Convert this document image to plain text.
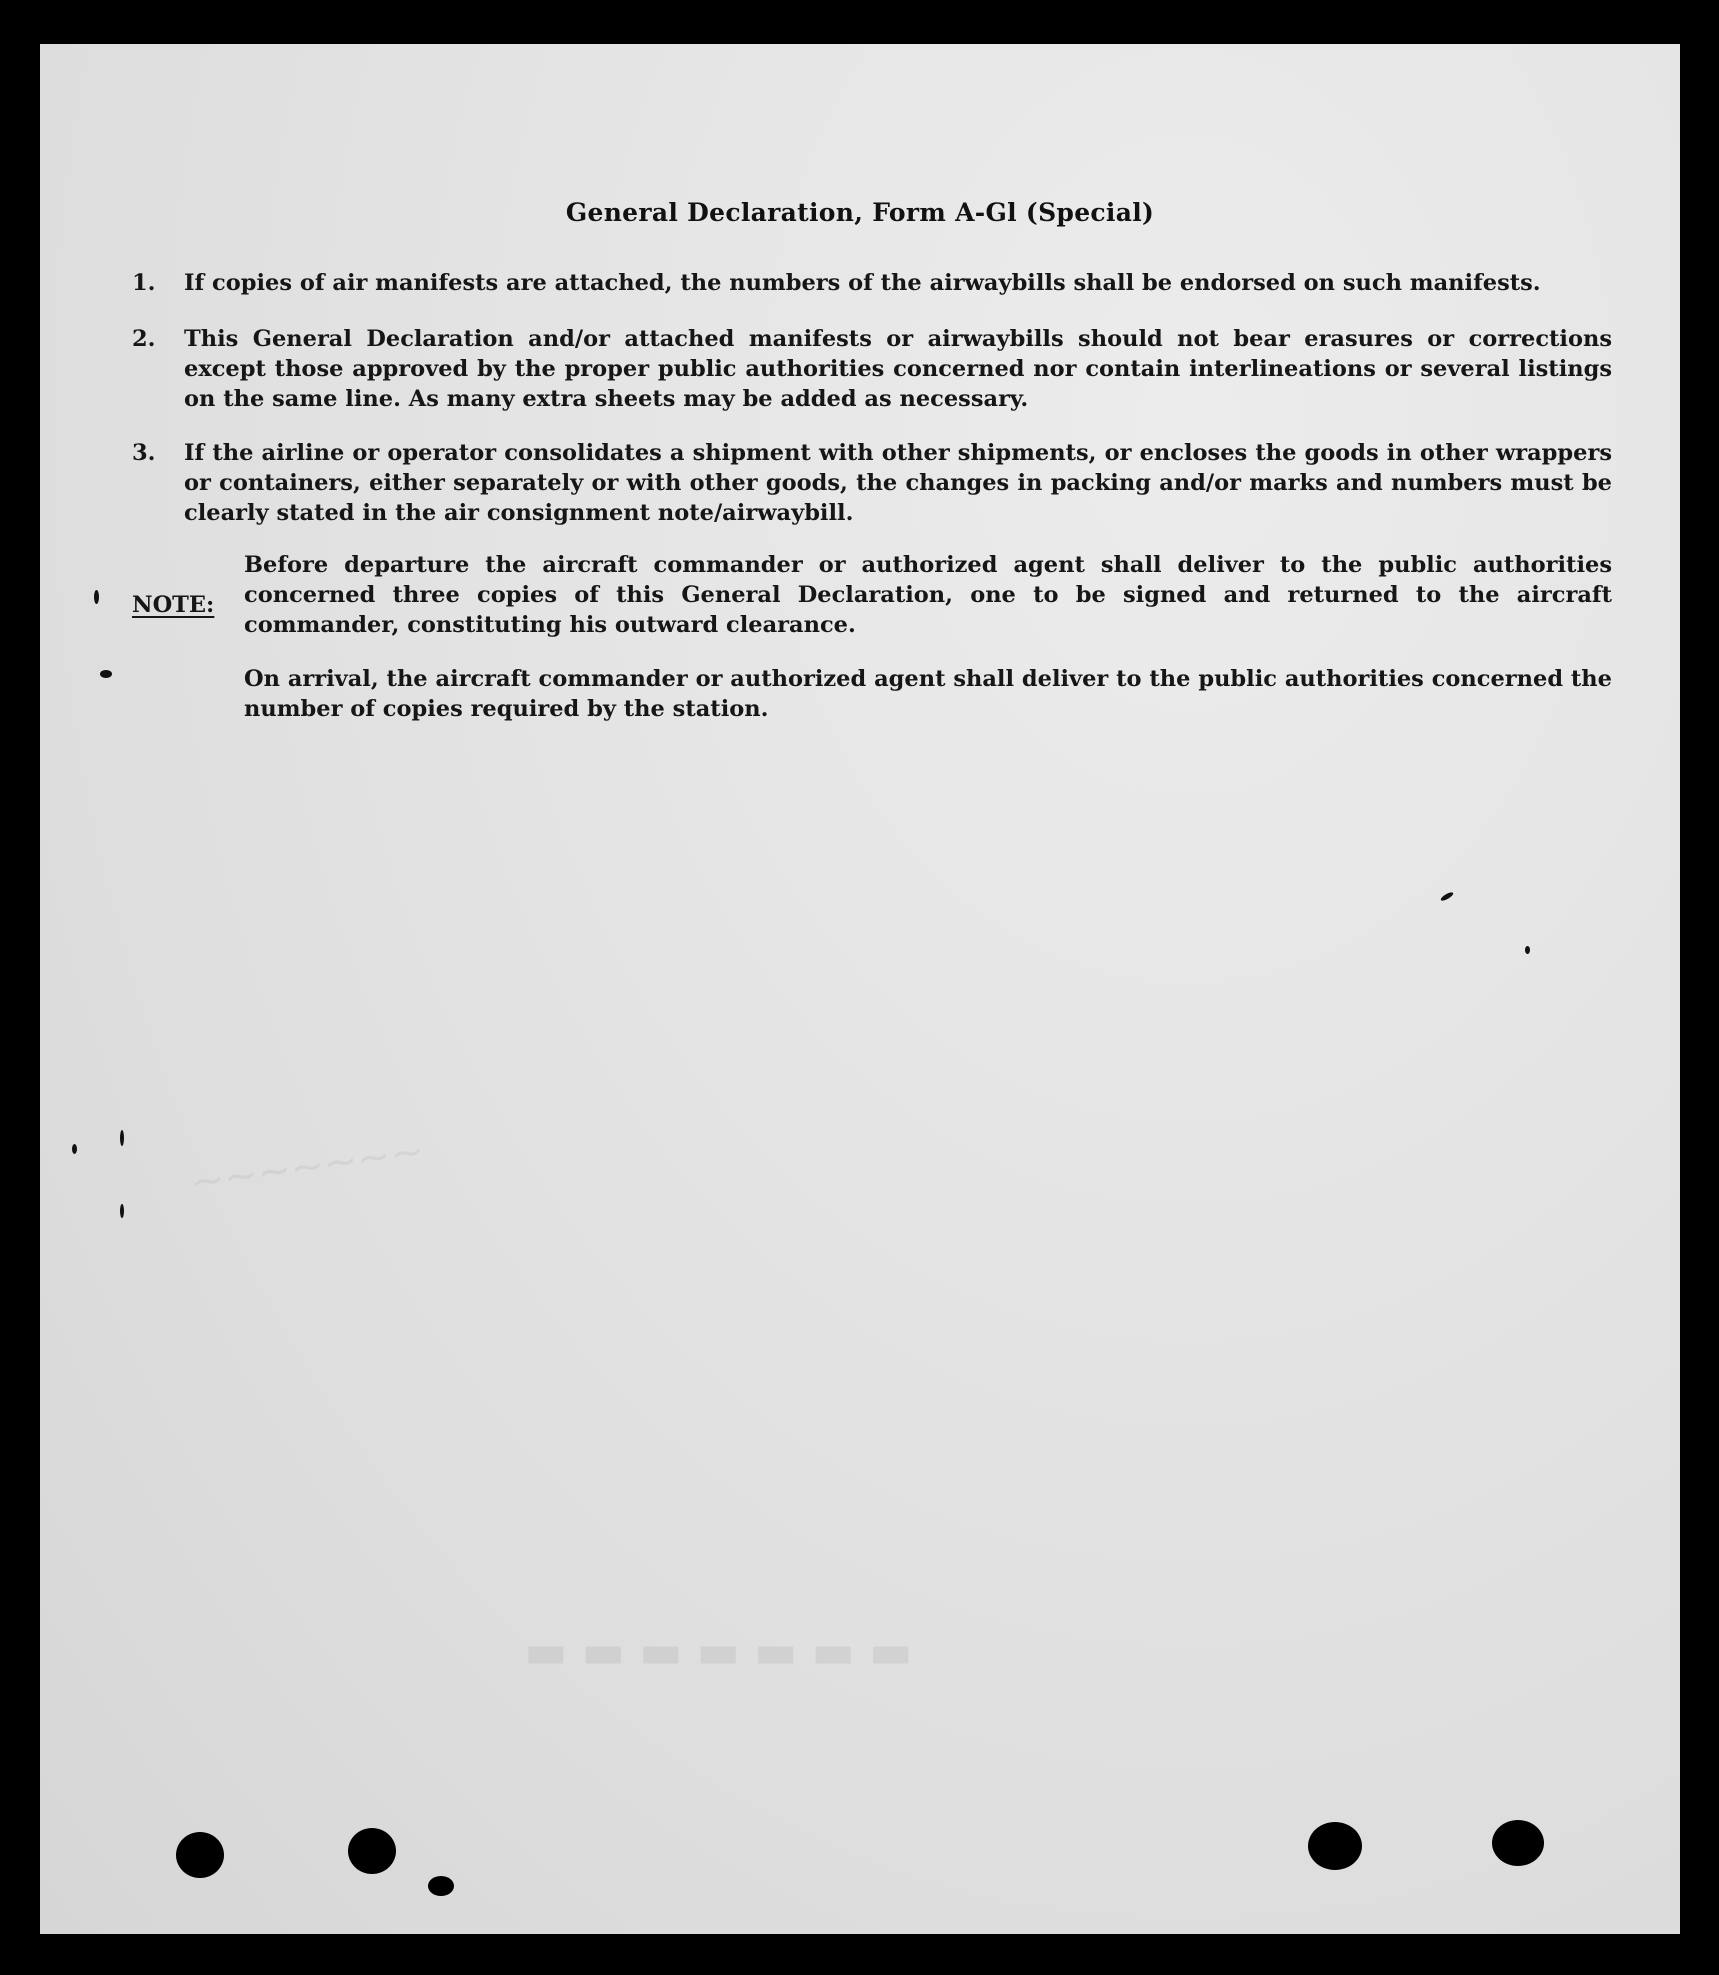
▬▬▬▬▬▬▬
~~~~~~~
General Declaration, Form A-Gl (Special)
1.	If copies of air manifests are attached, the numbers of the airwaybills shall be endorsed on such manifests.
2.	This General Declaration and/or attached manifests or airwaybills should not bear erasures or corrections except those approved by the proper public authorities concerned nor contain interlineations or several listings on the same line. As many extra sheets may be added as necessary.
3.	If the airline or operator consolidates a shipment with other shipments, or encloses the goods in other wrappers or containers, either separately or with other goods, the changes in packing and/or marks and numbers must be clearly stated in the air consignment note/airwaybill.
NOTE:
Before departure the aircraft commander or authorized agent shall deliver to the public authorities concerned three copies of this General Declaration, one to be signed and returned to the aircraft commander, constituting his outward clearance.
On arrival, the aircraft commander or authorized agent shall deliver to the public authorities concerned the number of copies required by the station.
